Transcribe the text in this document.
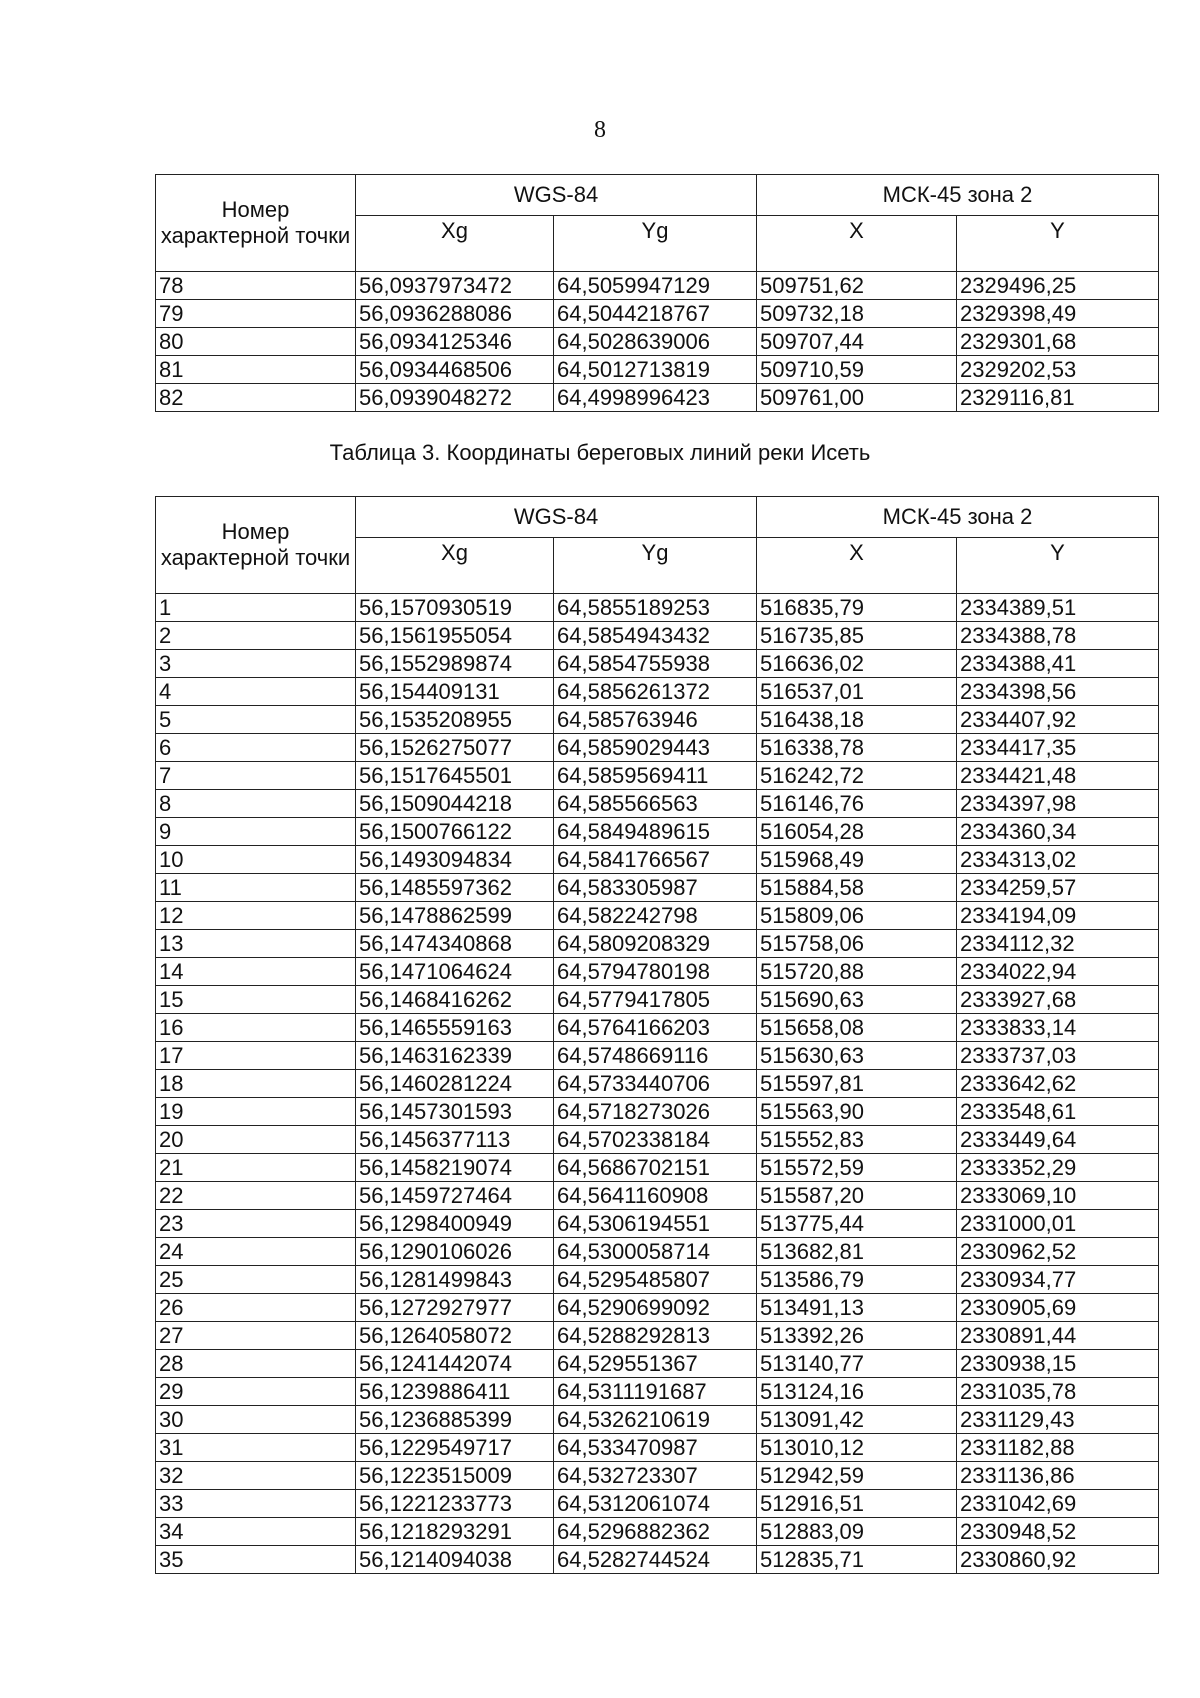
8
Номер характерной точки	WGS-84		МСК-45 зона 2	
	Xg	Yg	X	Y
78	56,0937973472	64,5059947129	509751,62	2329496,25
79	56,0936288086	64,5044218767	509732,18	2329398,49
80	56,0934125346	64,5028639006	509707,44	2329301,68
81	56,0934468506	64,5012713819	509710,59	2329202,53
82	56,0939048272	64,4998996423	509761,00	2329116,81
Таблица 3. Координаты береговых линий реки Исеть
Номер характерной точки	WGS-84		МСК-45 зона 2	
	Xg	Yg	X	Y
1	56,1570930519	64,5855189253	516835,79	2334389,51
2	56,1561955054	64,5854943432	516735,85	2334388,78
3	56,1552989874	64,5854755938	516636,02	2334388,41
4	56,154409131	64,5856261372	516537,01	2334398,56
5	56,1535208955	64,585763946	516438,18	2334407,92
6	56,1526275077	64,5859029443	516338,78	2334417,35
7	56,1517645501	64,5859569411	516242,72	2334421,48
8	56,1509044218	64,585566563	516146,76	2334397,98
9	56,1500766122	64,5849489615	516054,28	2334360,34
10	56,1493094834	64,5841766567	515968,49	2334313,02
11	56,1485597362	64,583305987	515884,58	2334259,57
12	56,1478862599	64,582242798	515809,06	2334194,09
13	56,1474340868	64,5809208329	515758,06	2334112,32
14	56,1471064624	64,5794780198	515720,88	2334022,94
15	56,1468416262	64,5779417805	515690,63	2333927,68
16	56,1465559163	64,5764166203	515658,08	2333833,14
17	56,1463162339	64,5748669116	515630,63	2333737,03
18	56,1460281224	64,5733440706	515597,81	2333642,62
19	56,1457301593	64,5718273026	515563,90	2333548,61
20	56,1456377113	64,5702338184	515552,83	2333449,64
21	56,1458219074	64,5686702151	515572,59	2333352,29
22	56,1459727464	64,5641160908	515587,20	2333069,10
23	56,1298400949	64,5306194551	513775,44	2331000,01
24	56,1290106026	64,5300058714	513682,81	2330962,52
25	56,1281499843	64,5295485807	513586,79	2330934,77
26	56,1272927977	64,5290699092	513491,13	2330905,69
27	56,1264058072	64,5288292813	513392,26	2330891,44
28	56,1241442074	64,529551367	513140,77	2330938,15
29	56,1239886411	64,5311191687	513124,16	2331035,78
30	56,1236885399	64,5326210619	513091,42	2331129,43
31	56,1229549717	64,533470987	513010,12	2331182,88
32	56,1223515009	64,532723307	512942,59	2331136,86
33	56,1221233773	64,5312061074	512916,51	2331042,69
34	56,1218293291	64,5296882362	512883,09	2330948,52
35	56,1214094038	64,5282744524	512835,71	2330860,92
